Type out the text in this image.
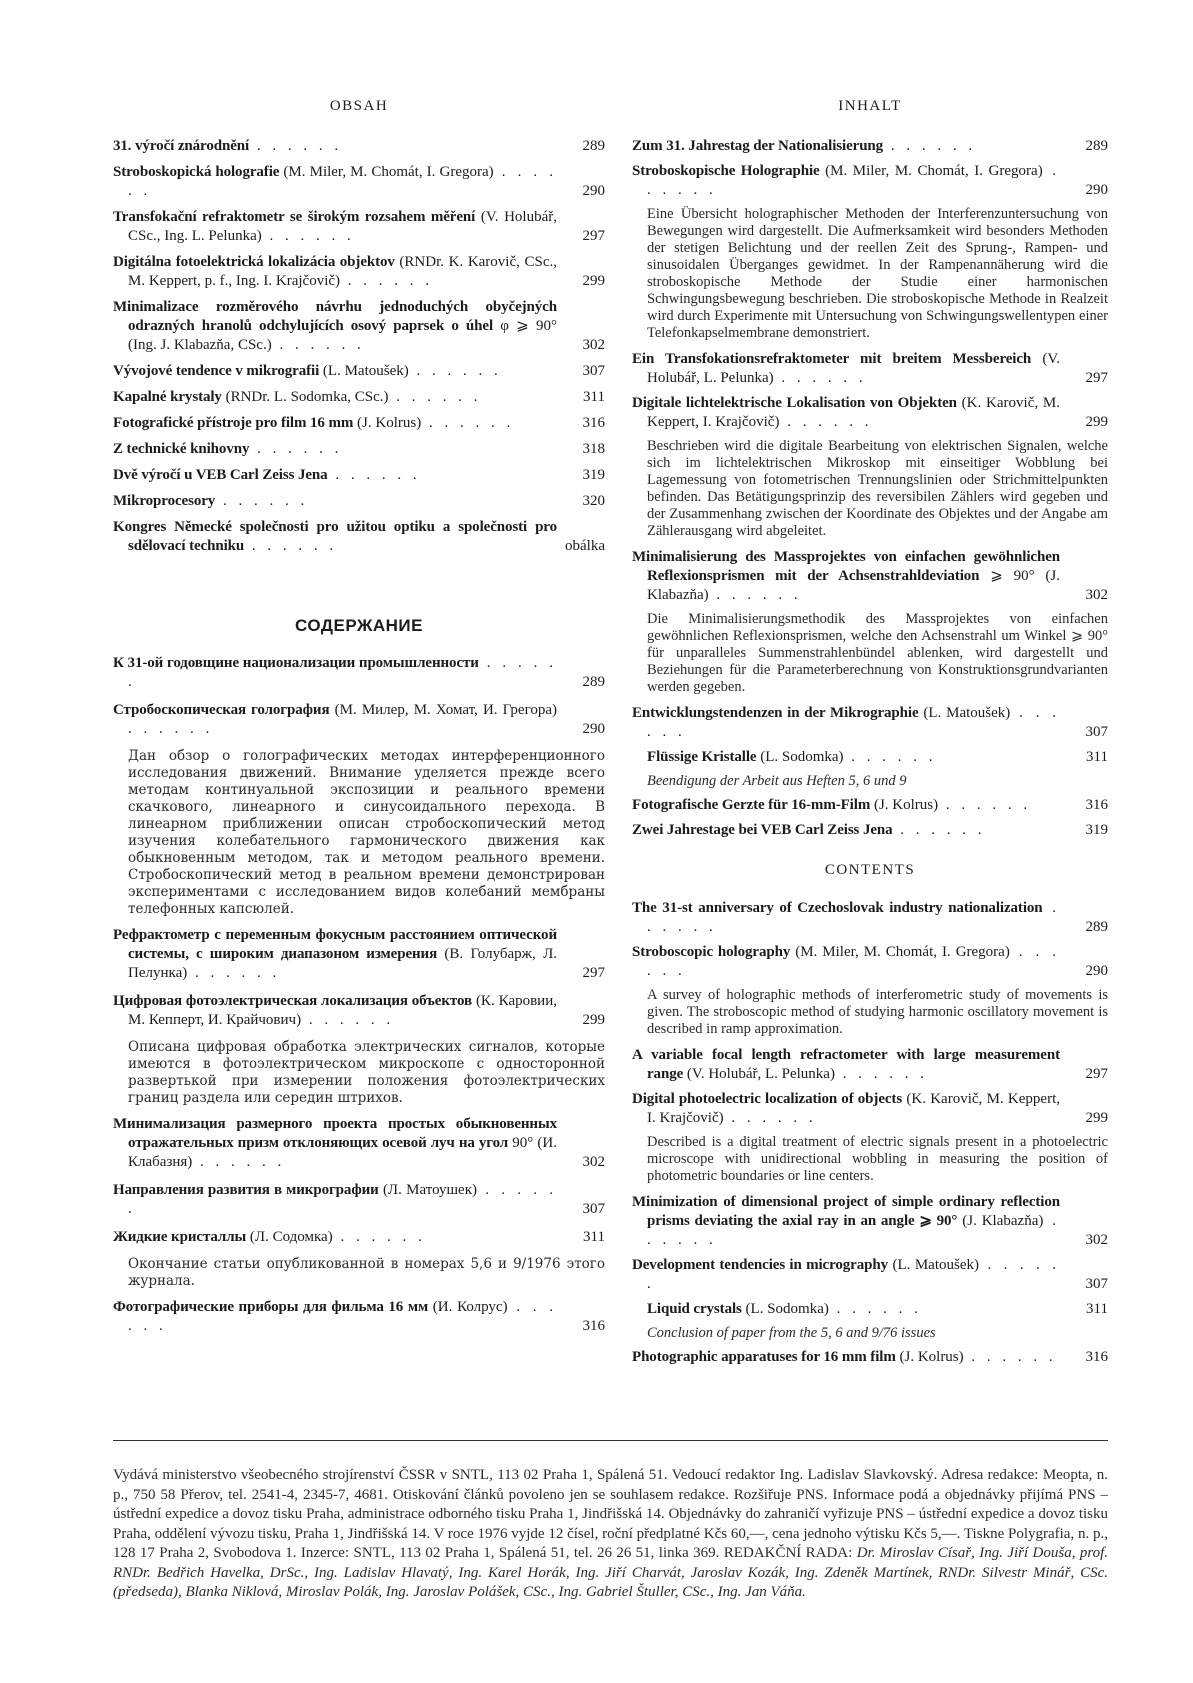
OBSAH
31. výročí znárodnění . . . . . .	289
Stroboskopická holografie (M. Miler, M. Chomát, I. Gregora) . . . . . .	290
Transfokační refraktometr se širokým rozsahem měření (V. Holubář, CSc., Ing. L. Pelunka) . . . . . .	297
Digitálna fotoelektrická lokalizácia objektov (RNDr. K. Karovič, CSc., M. Keppert, p. f., Ing. I. Krajčovič) . . . . . .	299
Minimalizace rozměrového návrhu jednoduchých obyčejných odrazných hranolů odchylujících osový paprsek o úhel φ ⩾ 90° (Ing. J. Klabazňa, CSc.) . . . . . .	302
Vývojové tendence v mikrografii (L. Matoušek) . . . . . .	307
Kapalné krystaly (RNDr. L. Sodomka, CSc.) . . . . . .	311
Fotografické přístroje pro film 16 mm (J. Kolrus) . . . . . .	316
Z technické knihovny . . . . . .	318
Dvě výročí u VEB Carl Zeiss Jena . . . . . .	319
Mikroprocesory . . . . . .	320
Kongres Německé společnosti pro užitou optiku a společnosti pro sdělovací techniku . . . . . .	obálka
СОДЕРЖАНИЕ
К 31-ой годовщине национализации промышленности . . . . . .	289
Стробоскопическая голография (М. Милер, М. Хомат, И. Грегора) . . . . . .	290
Дан обзор о голографических методах интерференционного исследования движений. Внимание уделяется прежде всего методам континуальной экспозиции и реального времени скачкового, линеарного и синусоидального перехода. В линеарном приближении описан стробоскопический метод изучения колебательного гармонического движения как обыкновенным методом, так и методом реального времени. Стробоскопический метод в реальном времени демонстрирован экспериментами с исследованием видов колебаний мембраны телефонных капсюлей.
Рефрактометр с переменным фокусным расстоянием оптической системы, с широким диапазоном измерения (В. Голубарж, Л. Пелунка) . . . . . .	297
Цифровая фотоэлектрическая локализация объектов (К. Каровии, М. Кепперт, И. Крайчович) . . . . . .	299
Описана цифровая обработка электрических сигналов, которые имеются в фотоэлектрическом микроскопе с односторонной развертькой при измерении положения фотоэлектрических границ раздела или середин штрихов.
Минимализация размерного проекта простых обыкновенных отражательных призм отклоняющих осевой луч на угол 90° (И. Клабазня) . . . . . .	302
Направления развития в микрографии (Л. Матоушек) . . . . . .	307
Жидкие кристаллы (Л. Содомка) . . . . . .	311
Окончание статьи опубликованной в номерах 5,6 и 9/1976 этого журнала.
Фотографические приборы для фильма 16 мм (И. Колрус) . . . . . .	316
INHALT
Zum 31. Jahrestag der Nationalisierung . . . . . .	289
Stroboskopische Holographie (M. Miler, M. Chomát, I. Gregora) . . . . . .	290
Eine Übersicht holographischer Methoden der Interferenzuntersuchung von Bewegungen wird dargestellt. Die Aufmerksamkeit wird besonders Methoden der stetigen Belichtung und der reellen Zeit des Sprung-, Rampen- und sinusoidalen Überganges gewidmet. In der Rampenannäherung wird die stroboskopische Methode der Studie einer harmonischen Schwingungsbewegung beschrieben. Die stroboskopische Methode in Realzeit wird durch Experimente mit Untersuchung von Schwingungswellentypen einer Telefonkapselmembrane demonstriert.
Ein Transfokationsrefraktometer mit breitem Messbereich (V. Holubář, L. Pelunka) . . . . . .	297
Digitale lichtelektrische Lokalisation von Objekten (K. Karovič, M. Keppert, I. Krajčovič) . . . . . .	299
Beschrieben wird die digitale Bearbeitung von elektrischen Signalen, welche sich im lichtelektrischen Mikroskop mit einseitiger Wobblung bei Lagemessung von fotometrischen Trennungslinien oder Strichmittelpunkten befinden. Das Betätigungsprinzip des reversibilen Zählers wird gegeben und der Zusammenhang zwischen der Koordinate des Objektes und der Angabe am Zählerausgang wird abgeleitet.
Minimalisierung des Massprojektes von einfachen gewöhnlichen Reflexionsprismen mit der Achsenstrahldeviation ⩾ 90° (J. Klabazňa) . . . . . .	302
Die Minimalisierungsmethodik des Massprojektes von einfachen gewöhnlichen Reflexionsprismen, welche den Achsenstrahl um Winkel ⩾ 90° für unparalleles Summenstrahlenbündel ablenken, wird dargestellt und Beziehungen für die Parameterberechnung von Konstruktionsgrundvarianten werden gegeben.
Entwicklungstendenzen in der Mikrographie (L. Matoušek) . . . . . .	307
Flüssige Kristalle (L. Sodomka) . . . . . .	311
Beendigung der Arbeit aus Heften 5, 6 und 9
Fotografische Gerzte für 16-mm-Film (J. Kolrus) . . . . . .	316
Zwei Jahrestage bei VEB Carl Zeiss Jena . . . . . .	319
CONTENTS
The 31-st anniversary of Czechoslovak industry nationalization . . . . . .	289
Stroboscopic holography (M. Miler, M. Chomát, I. Gregora) . . . . . .	290
A survey of holographic methods of interferometric study of movements is given. The stroboscopic method of studying harmonic oscillatory movement is described in ramp approximation.
A variable focal length refractometer with large measurement range (V. Holubář, L. Pelunka) . . . . . .	297
Digital photoelectric localization of objects (K. Karovič, M. Keppert, I. Krajčovič) . . . . . .	299
Described is a digital treatment of electric signals present in a photoelectric microscope with unidirectional wobbling in measuring the position of photometric boundaries or line centers.
Minimization of dimensional project of simple ordinary reflection prisms deviating the axial ray in an angle ⩾ 90° (J. Klabazňa) . . . . . .	302
Development tendencies in micrography (L. Matoušek) . . . . . .	307
Liquid crystals (L. Sodomka) . . . . . .	311
Conclusion of paper from the 5, 6 and 9/76 issues
Photographic apparatuses for 16 mm film (J. Kolrus) . . . . . .	316
Vydává ministerstvo všeobecného strojírenství ČSSR v SNTL, 113 02 Praha 1, Spálená 51. Vedoucí redaktor Ing. Ladislav Slavkovský. Adresa redakce: Meopta, n. p., 750 58 Přerov, tel. 2541-4, 2345-7, 4681. Otiskování článků povoleno jen se souhlasem redakce. Rozšiřuje PNS. Informace podá a objednávky přijímá PNS – ústřední expedice a dovoz tisku Praha, administrace odborného tisku Praha 1, Jindřišská 14. Objednávky do zahraničí vyřizuje PNS – ústřední expedice a dovoz tisku Praha, oddělení vývozu tisku, Praha 1, Jindřišská 14. V roce 1976 vyjde 12 čísel, roční předplatné Kčs 60,—, cena jednoho výtisku Kčs 5,—. Tiskne Polygrafia, n. p., 128 17 Praha 2, Svobodova 1. Inzerce: SNTL, 113 02 Praha 1, Spálená 51, tel. 26 26 51, linka 369. REDAKČNÍ RADA: Dr. Miroslav Císař, Ing. Jiří Douša, prof. RNDr. Bedřich Havelka, DrSc., Ing. Ladislav Hlavatý, Ing. Karel Horák, Ing. Jiří Charvát, Jaroslav Kozák, Ing. Zdeněk Martínek, RNDr. Silvestr Minář, CSc. (předseda), Blanka Niklová, Miroslav Polák, Ing. Jaroslav Polášek, CSc., Ing. Gabriel Štuller, CSc., Ing. Jan Váňa.
